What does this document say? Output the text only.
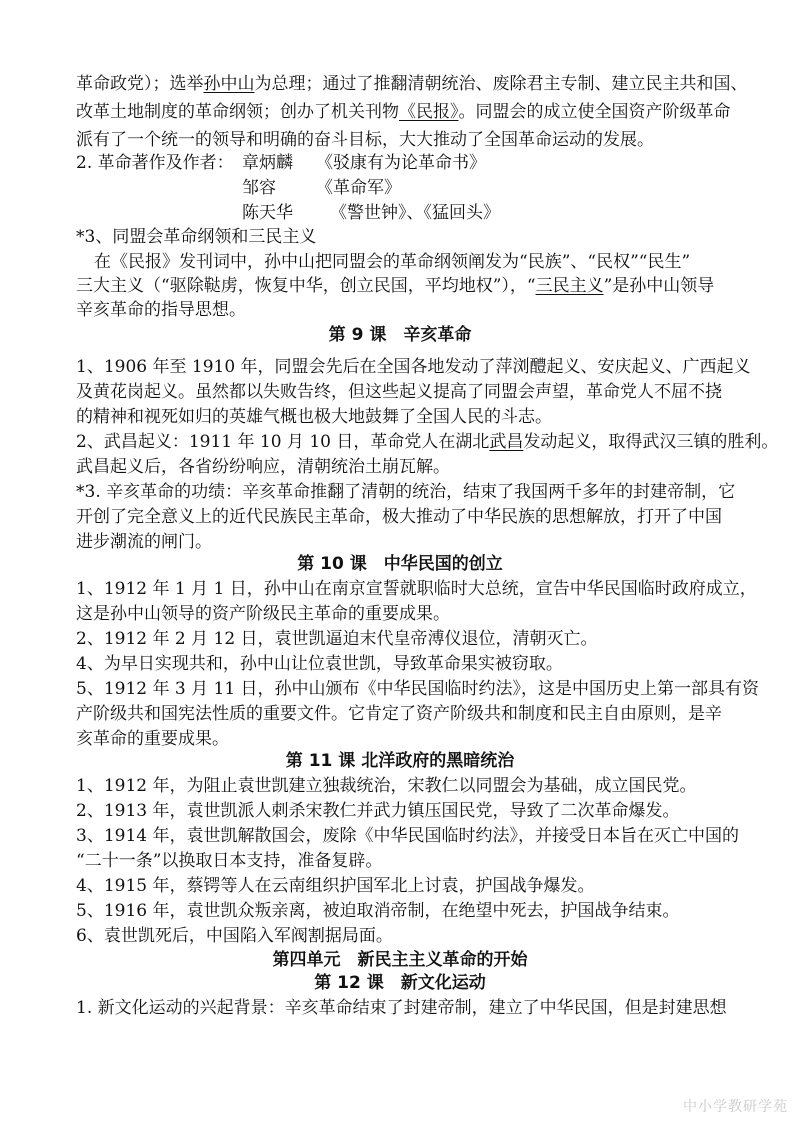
革命政党）；选举孙中山为总理；通过了推翻清朝统治、废除君主专制、建立民主共和国、
改革土地制度的革命纲领；创办了机关刊物《民报》。同盟会的成立使全国资产阶级革命
派有了一个统一的领导和明确的奋斗目标，大大推动了全国革命运动的发展。
2. 革命著作及作者： 章炳麟 《驳康有为论革命书》
邹容 《革命军》
陈天华 《警世钟》、《猛回头》
*3、同盟会革命纲领和三民主义
在《民报》发刊词中，孙中山把同盟会的革命纲领阐发为“民族”、“民权”“民生”
三大主义（“驱除鞑虏，恢复中华，创立民国，平均地权”），“三民主义”是孙中山领导
辛亥革命的指导思想。
第 9 课　辛亥革命
1、1906 年至 1910 年，同盟会先后在全国各地发动了萍浏醴起义、安庆起义、广西起义
及黄花岗起义。虽然都以失败告终，但这些起义提高了同盟会声望，革命党人不屈不挠
的精神和视死如归的英雄气概也极大地鼓舞了全国人民的斗志。
2、武昌起义：1911 年 10 月 10 日，革命党人在湖北武昌发动起义，取得武汉三镇的胜利。
武昌起义后，各省纷纷响应，清朝统治土崩瓦解。
*3. 辛亥革命的功绩：辛亥革命推翻了清朝的统治，结束了我国两千多年的封建帝制，它
开创了完全意义上的近代民族民主革命，极大推动了中华民族的思想解放，打开了中国
进步潮流的闸门。
第 10 课　中华民国的创立
1、1912 年 1 月 1 日，孙中山在南京宣誓就职临时大总统，宣告中华民国临时政府成立，
这是孙中山领导的资产阶级民主革命的重要成果。
2、1912 年 2 月 12 日，袁世凯逼迫末代皇帝溥仪退位，清朝灭亡。
4、为早日实现共和，孙中山让位袁世凯，导致革命果实被窃取。
5、1912 年 3 月 11 日，孙中山颁布《中华民国临时约法》，这是中国历史上第一部具有资
产阶级共和国宪法性质的重要文件。它肯定了资产阶级共和制度和民主自由原则，是辛
亥革命的重要成果。
第 11 课 北洋政府的黑暗统治
1、1912 年，为阻止袁世凯建立独裁统治，宋教仁以同盟会为基础，成立国民党。
2、1913 年，袁世凯派人刺杀宋教仁并武力镇压国民党，导致了二次革命爆发。
3、1914 年，袁世凯解散国会，废除《中华民国临时约法》，并接受日本旨在灭亡中国的
“二十一条”以换取日本支持，准备复辟。
4、1915 年，蔡锷等人在云南组织护国军北上讨袁，护国战争爆发。
5、1916 年，袁世凯众叛亲离，被迫取消帝制，在绝望中死去，护国战争结束。
6、袁世凯死后，中国陷入军阀割据局面。
第四单元　新民主主义革命的开始
第 12 课　新文化运动
1. 新文化运动的兴起背景：辛亥革命结束了封建帝制，建立了中华民国，但是封建思想
中小学教研学苑
